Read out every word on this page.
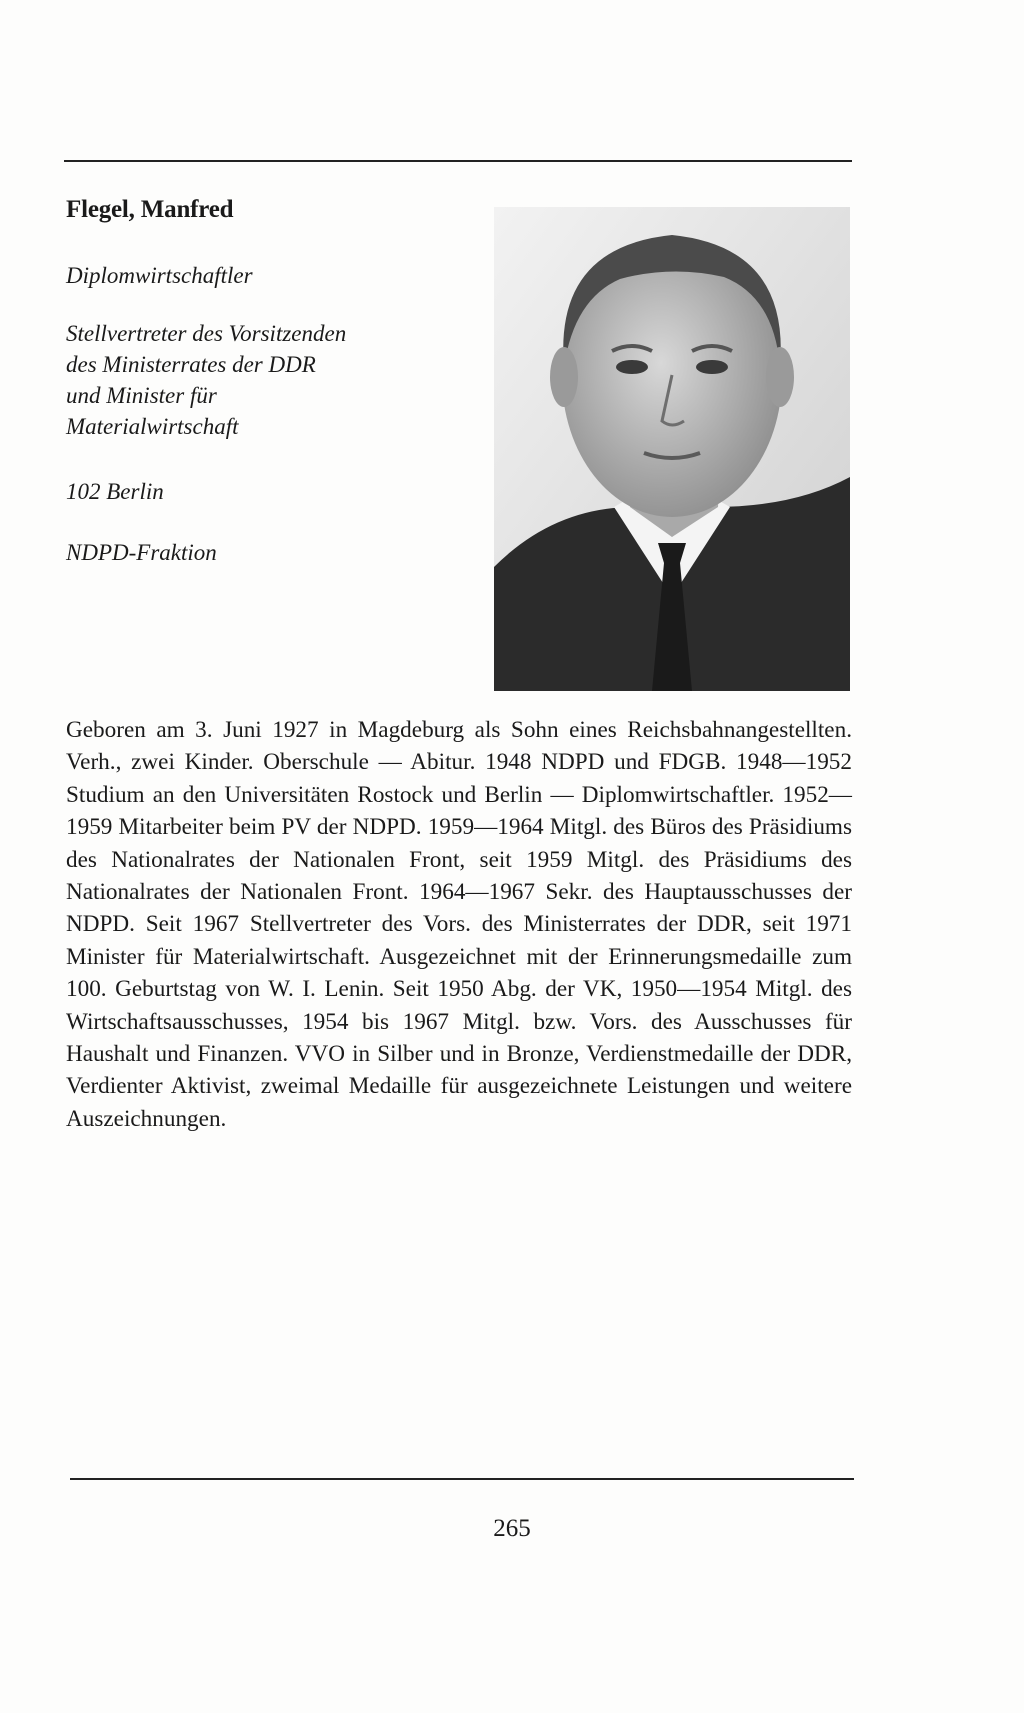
Flegel, Manfred
Diplomwirtschaftler
Stellvertreter des Vorsitzenden
des Ministerrates der DDR
und Minister für
Materialwirtschaft
102 Berlin
NDPD-Fraktion
Geboren am 3. Juni 1927 in Magdeburg als Sohn eines Reichsbahnangestellten. Verh., zwei Kinder. Oberschule — Abitur. 1948 NDPD und FDGB. 1948—1952 Studium an den Universitäten Rostock und Berlin — Diplomwirtschaftler. 1952—1959 Mitarbeiter beim PV der NDPD. 1959—1964 Mitgl. des Büros des Präsidiums des Nationalrates der Nationalen Front, seit 1959 Mitgl. des Präsidiums des Nationalrates der Nationalen Front. 1964—1967 Sekr. des Hauptausschusses der NDPD. Seit 1967 Stellvertreter des Vors. des Ministerrates der DDR, seit 1971 Minister für Materialwirtschaft. Ausgezeichnet mit der Erinnerungsmedaille zum 100. Geburtstag von W. I. Lenin. Seit 1950 Abg. der VK, 1950—1954 Mitgl. des Wirtschaftsausschusses, 1954 bis 1967 Mitgl. bzw. Vors. des Ausschusses für Haushalt und Finanzen. VVO in Silber und in Bronze, Verdienstmedaille der DDR, Verdienter Aktivist, zweimal Medaille für ausgezeichnete Leistungen und weitere Auszeichnungen.
265
